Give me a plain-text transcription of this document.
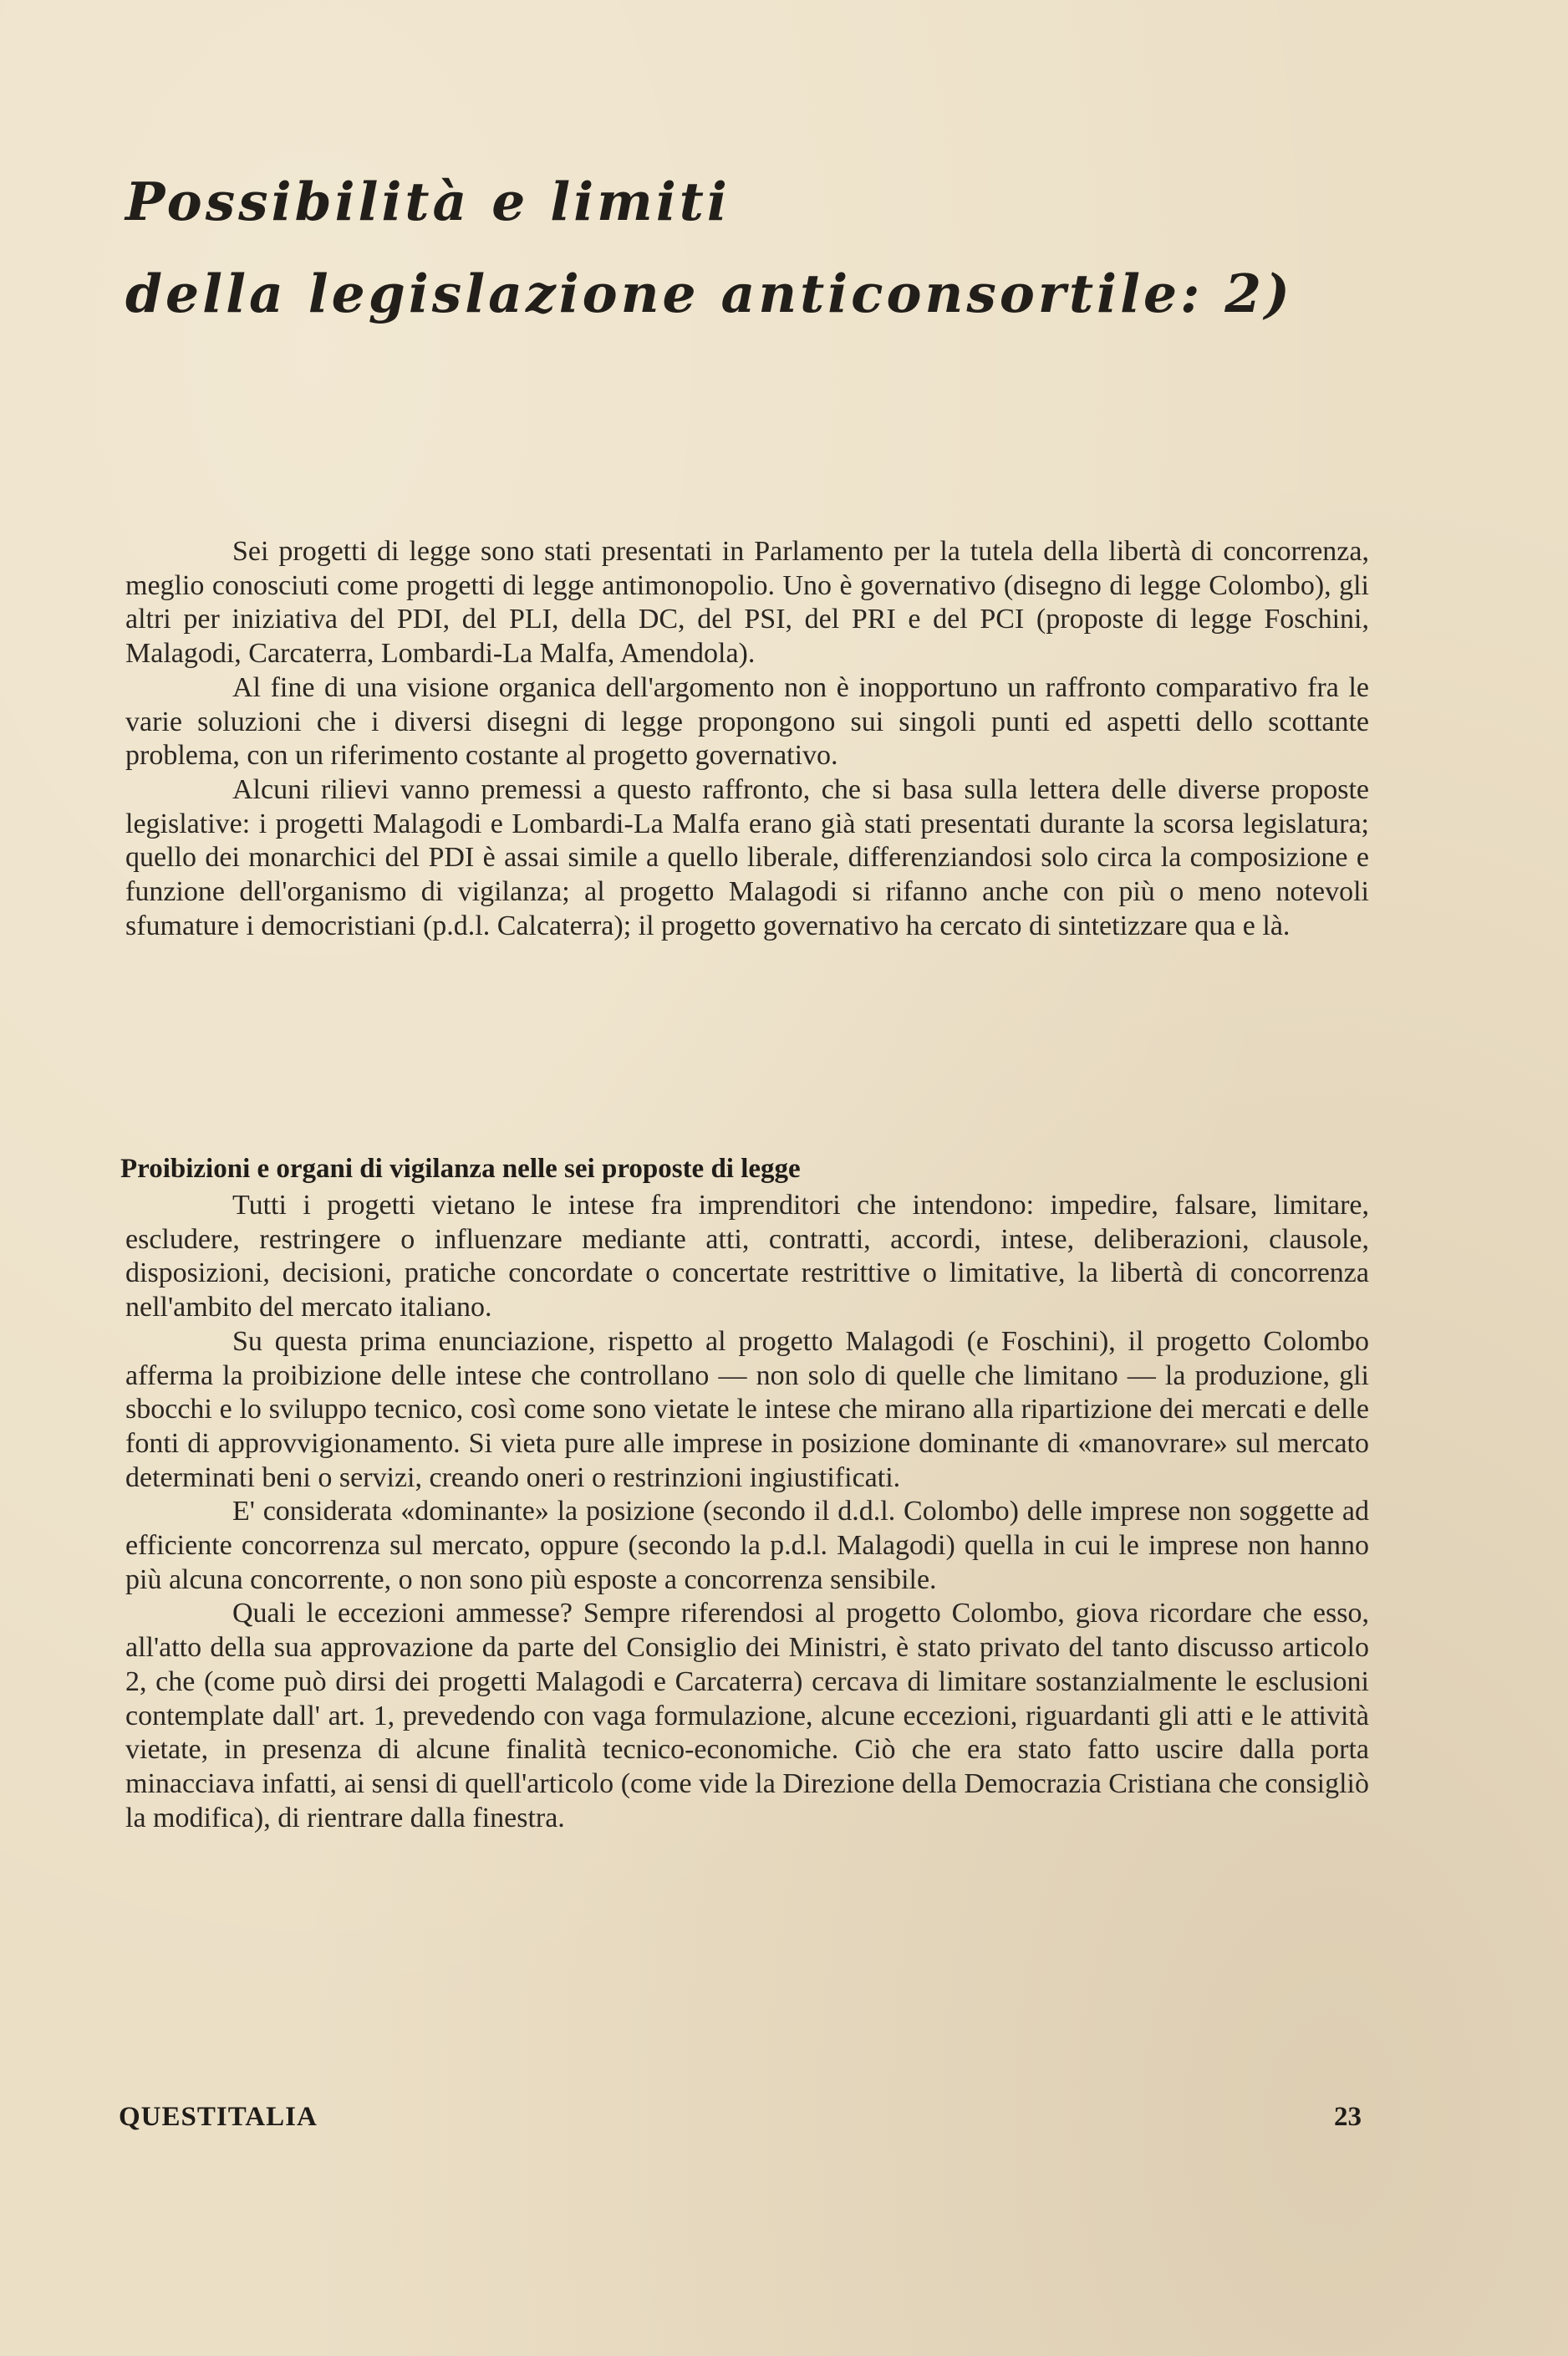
Possibilità e limiti
della legislazione anticonsortile: 2)

Sei progetti di legge sono stati presentati in Parlamento per la tutela della libertà di concorrenza, meglio conosciuti come progetti di legge antimonopolio. Uno è governativo (disegno di legge Colombo), gli altri per iniziativa del PDI, del PLI, della DC, del PSI, del PRI e del PCI (proposte di legge Foschini, Malagodi, Carcaterra, Lombardi-La Malfa, Amendola).

Al fine di una visione organica dell'argomento non è inopportuno un raffronto comparativo fra le varie soluzioni che i diversi disegni di legge propongono sui singoli punti ed aspetti dello scottante problema, con un riferimento costante al progetto governativo.

Alcuni rilievi vanno premessi a questo raffronto, che si basa sulla lettera delle diverse proposte legislative: i progetti Malagodi e Lombardi-La Malfa erano già stati presentati durante la scorsa legislatura; quello dei monarchici del PDI è assai simile a quello liberale, differenziandosi solo circa la composizione e funzione dell'organismo di vigilanza; al progetto Malagodi si rifanno anche con più o meno notevoli sfumature i democristiani (p.d.l. Calcaterra); il progetto governativo ha cercato di sintetizzare qua e là.

Proibizioni e organi di vigilanza nelle sei proposte di legge

Tutti i progetti vietano le intese fra imprenditori che intendono: impedire, falsare, limitare, escludere, restringere o influenzare mediante atti, contratti, accordi, intese, deliberazioni, clausole, disposizioni, decisioni, pratiche concordate o concertate restrittive o limitative, la libertà di concorrenza nell'ambito del mercato italiano.

Su questa prima enunciazione, rispetto al progetto Malagodi (e Foschini), il progetto Colombo afferma la proibizione delle intese che controllano — non solo di quelle che limitano — la produzione, gli sbocchi e lo sviluppo tecnico, così come sono vietate le intese che mirano alla ripartizione dei mercati e delle fonti di approvvigionamento. Si vieta pure alle imprese in posizione dominante di «manovrare» sul mercato determinati beni o servizi, creando oneri o restrinzioni ingiustificati.

E' considerata «dominante» la posizione (secondo il d.d.l. Colombo) delle imprese non soggette ad efficiente concorrenza sul mercato, oppure (secondo la p.d.l. Malagodi) quella in cui le imprese non hanno più alcuna concorrente, o non sono più esposte a concorrenza sensibile.

Quali le eccezioni ammesse? Sempre riferendosi al progetto Colombo, giova ricordare che esso, all'atto della sua approvazione da parte del Consiglio dei Ministri, è stato privato del tanto discusso articolo 2, che (come può dirsi dei progetti Malagodi e Carcaterra) cercava di limitare sostanzialmente le esclusioni contemplate dall' art. 1, prevedendo con vaga formulazione, alcune eccezioni, riguardanti gli atti e le attività vietate, in presenza di alcune finalità tecnico-economiche. Ciò che era stato fatto uscire dalla porta minacciava infatti, ai sensi di quell'articolo (come vide la Direzione della Democrazia Cristiana che consigliò la modifica), di rientrare dalla finestra.

QUESTITALIA	23
